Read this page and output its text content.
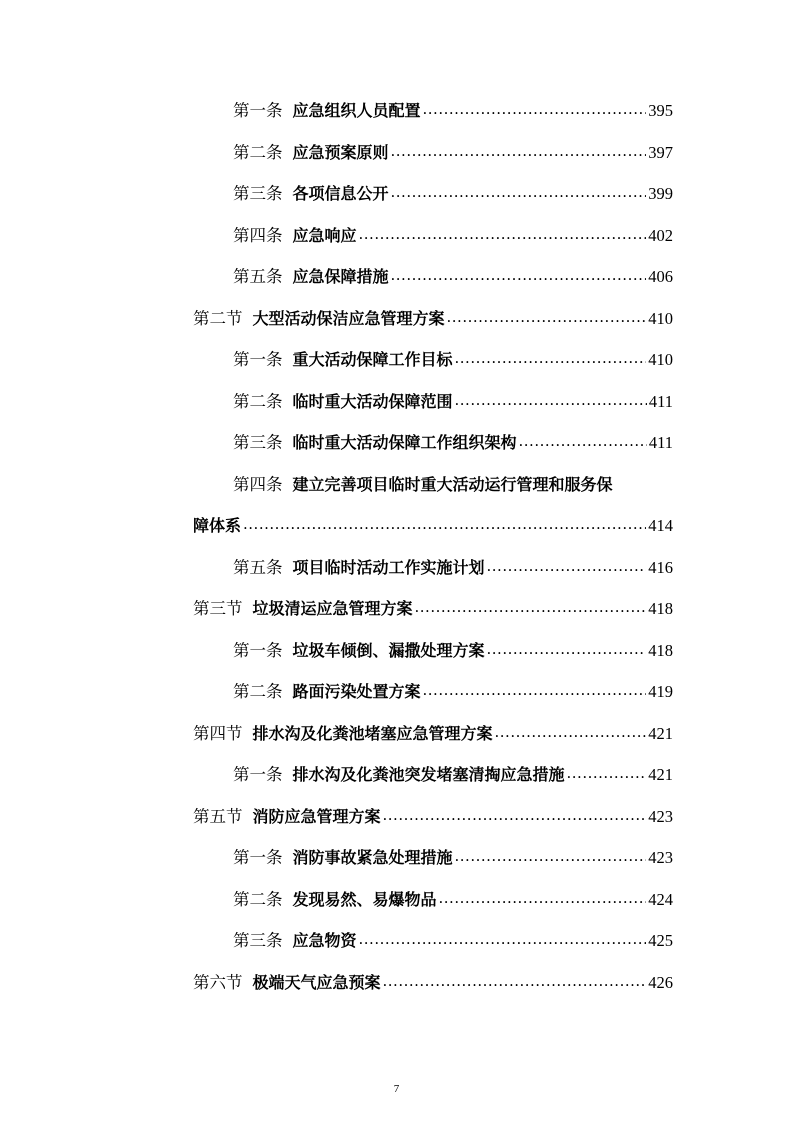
第一条 应急组织人员配置 .....	395
第二条 应急预案原则 .....	397
第三条 各项信息公开 .....	399
第四条 应急响应 .....	402
第五条 应急保障措施 .....	406
第二节 大型活动保洁应急管理方案 .....	410
第一条 重大活动保障工作目标 .....	410
第二条 临时重大活动保障范围 .....	411
第三条 临时重大活动保障工作组织架构 .....	411
第四条 建立完善项目临时重大活动运行管理和服务保
障体系 .....	414
第五条 项目临时活动工作实施计划 .....	416
第三节 垃圾清运应急管理方案 .....	418
第一条 垃圾车倾倒、漏撒处理方案 .....	418
第二条 路面污染处置方案 .....	419
第四节 排水沟及化粪池堵塞应急管理方案 .....	421
第一条 排水沟及化粪池突发堵塞清掏应急措施 .....	421
第五节 消防应急管理方案 .....	423
第一条 消防事故紧急处理措施 .....	423
第二条 发现易然、易爆物品 .....	424
第三条 应急物资 .....	425
第六节 极端天气应急预案 .....	426
7
